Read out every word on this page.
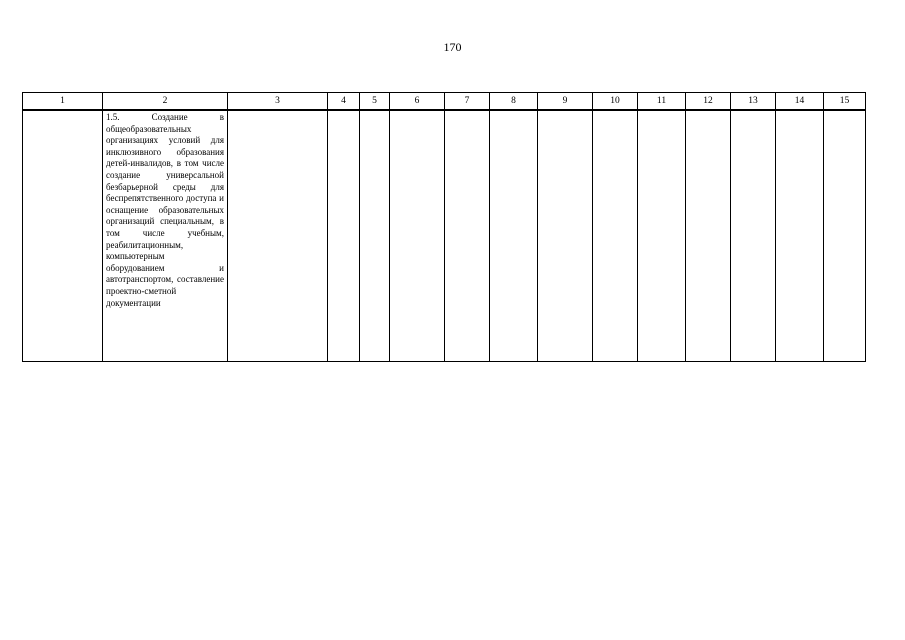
170
1	2	3	4	5	6	7	8	9	10	11	12	13	14	15
	1.5. Создание в общеобразовательных организациях условий для инклюзивного образования детей-инвалидов, в том числе создание универсальной безбарьерной среды для беспрепятственного доступа и оснащение образовательных организаций специальным, в том числе учебным, реабилитационным, компьютерным оборудованием и автотранспортом, составление проектно-сметной документации													
